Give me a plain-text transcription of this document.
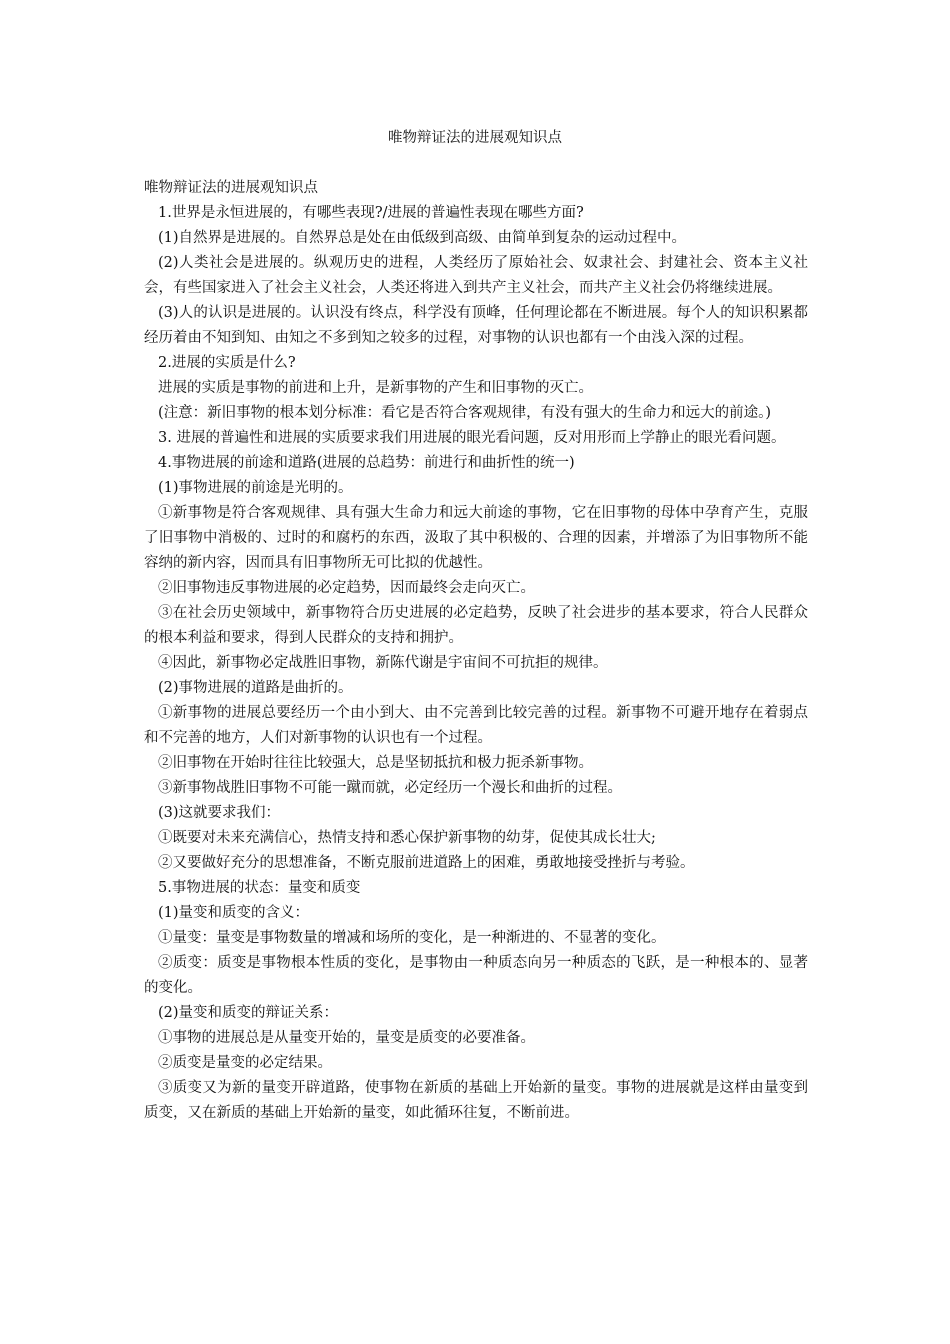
唯物辩证法的进展观知识点

唯物辩证法的进展观知识点

1.世界是永恒进展的，有哪些表现?/进展的普遍性表现在哪些方面?

(1)自然界是进展的。自然界总是处在由低级到高级、由简单到复杂的运动过程中。

(2)人类社会是进展的。纵观历史的进程，人类经历了原始社会、奴隶社会、封建社会、资本主义社会，有些国家进入了社会主义社会，人类还将进入到共产主义社会，而共产主义社会仍将继续进展。

(3)人的认识是进展的。认识没有终点，科学没有顶峰，任何理论都在不断进展。每个人的知识积累都经历着由不知到知、由知之不多到知之较多的过程，对事物的认识也都有一个由浅入深的过程。

2.进展的实质是什么?

进展的实质是事物的前进和上升，是新事物的产生和旧事物的灭亡。

(注意：新旧事物的根本划分标准：看它是否符合客观规律，有没有强大的生命力和远大的前途。)

3. 进展的普遍性和进展的实质要求我们用进展的眼光看问题，反对用形而上学静止的眼光看问题。

4.事物进展的前途和道路(进展的总趋势：前进行和曲折性的统一)

(1)事物进展的前途是光明的。

①新事物是符合客观规律、具有强大生命力和远大前途的事物，它在旧事物的母体中孕育产生，克服了旧事物中消极的、过时的和腐朽的东西，汲取了其中积极的、合理的因素，并增添了为旧事物所不能容纳的新内容，因而具有旧事物所无可比拟的优越性。

②旧事物违反事物进展的必定趋势，因而最终会走向灭亡。

③在社会历史领域中，新事物符合历史进展的必定趋势，反映了社会进步的基本要求，符合人民群众的根本利益和要求，得到人民群众的支持和拥护。

④因此，新事物必定战胜旧事物，新陈代谢是宇宙间不可抗拒的规律。

(2)事物进展的道路是曲折的。

①新事物的进展总要经历一个由小到大、由不完善到比较完善的过程。新事物不可避开地存在着弱点和不完善的地方，人们对新事物的认识也有一个过程。

②旧事物在开始时往往比较强大，总是坚韧抵抗和极力扼杀新事物。

③新事物战胜旧事物不可能一蹴而就，必定经历一个漫长和曲折的过程。

(3)这就要求我们：

①既要对未来充满信心，热情支持和悉心保护新事物的幼芽，促使其成长壮大;

②又要做好充分的思想准备，不断克服前进道路上的困难，勇敢地接受挫折与考验。

5.事物进展的状态：量变和质变

(1)量变和质变的含义：

①量变：量变是事物数量的增减和场所的变化，是一种渐进的、不显著的变化。

②质变：质变是事物根本性质的变化，是事物由一种质态向另一种质态的飞跃，是一种根本的、显著的变化。

(2)量变和质变的辩证关系：

①事物的进展总是从量变开始的，量变是质变的必要准备。

②质变是量变的必定结果。

③质变又为新的量变开辟道路，使事物在新质的基础上开始新的量变。事物的进展就是这样由量变到质变，又在新质的基础上开始新的量变，如此循环往复，不断前进。
